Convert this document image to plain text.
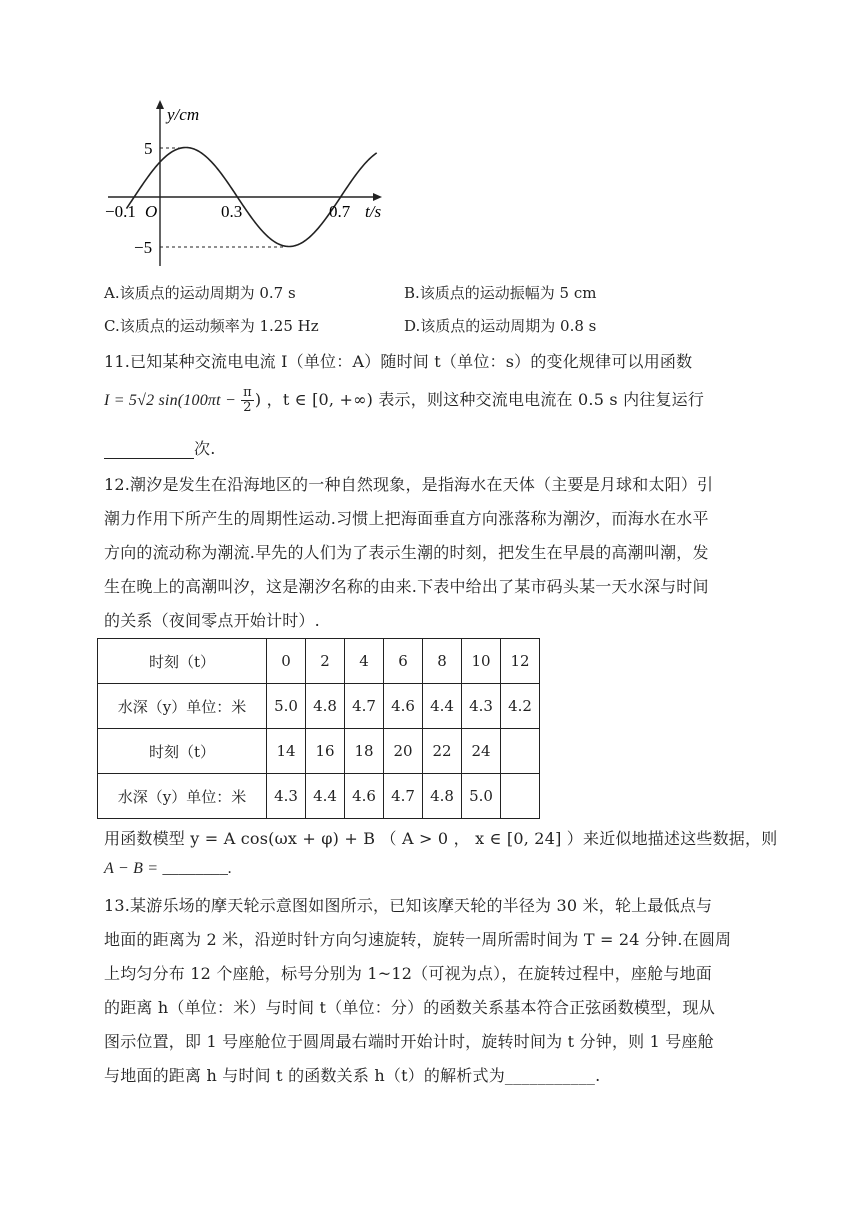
y/cm
5
−5
O
−0.1	0.3	0.7 t/s
A.该质点的运动周期为 0.7 s	B.该质点的运动振幅为 5 cm
C.该质点的运动频率为 1.25 Hz	D.该质点的运动周期为 0.8 s
11.已知某种交流电电流 I（单位：A）随时间 t（单位：s）的变化规律可以用函数
I = 5√2 $\sin(100\pi t - \frac{\pi}{2}$ ) ，t ∈ [0, +∞) 表示，则这种交流电电流在 0.5 s 内往复运行
次.
12.潮汐是发生在沿海地区的一种自然现象，是指海水在天体（主要是月球和太阳）引
潮力作用下所产生的周期性运动.习惯上把海面垂直方向涨落称为潮汐，而海水在水平
方向的流动称为潮流.早先的人们为了表示生潮的时刻，把发生在早晨的高潮叫潮，发
生在晚上的高潮叫汐，这是潮汐名称的由来.下表中给出了某市码头某一天水深与时间
的关系（夜间零点开始计时）.
时刻（t）	0	2	4	6	8	10	12
水深（y）单位：米	5.0	4.8	4.7	4.6	4.4	4.3	4.2
时刻（t）	14	16	18	20	22	24	
水深（y）单位：米	4.3	4.4	4.6	4.7	4.8	5.0	
用函数模型 y = A cos(ωx + φ) + B （ A > 0 ， x ∈ [0, 24] ）来近似地描述这些数据，则
A − B = ________.
13.某游乐场的摩天轮示意图如图所示，已知该摩天轮的半径为 30 米，轮上最低点与
地面的距离为 2 米，沿逆时针方向匀速旋转，旋转一周所需时间为 T = 24 分钟.在圆周
上均匀分布 12 个座舱，标号分别为 1~12（可视为点），在旋转过程中，座舱与地面
的距离 h（单位：米）与时间 t（单位：分）的函数关系基本符合正弦函数模型，现从
图示位置，即 1 号座舱位于圆周最右端时开始计时，旋转时间为 t 分钟，则 1 号座舱
与地面的距离 h 与时间 t 的函数关系 h（t）的解析式为___________.
